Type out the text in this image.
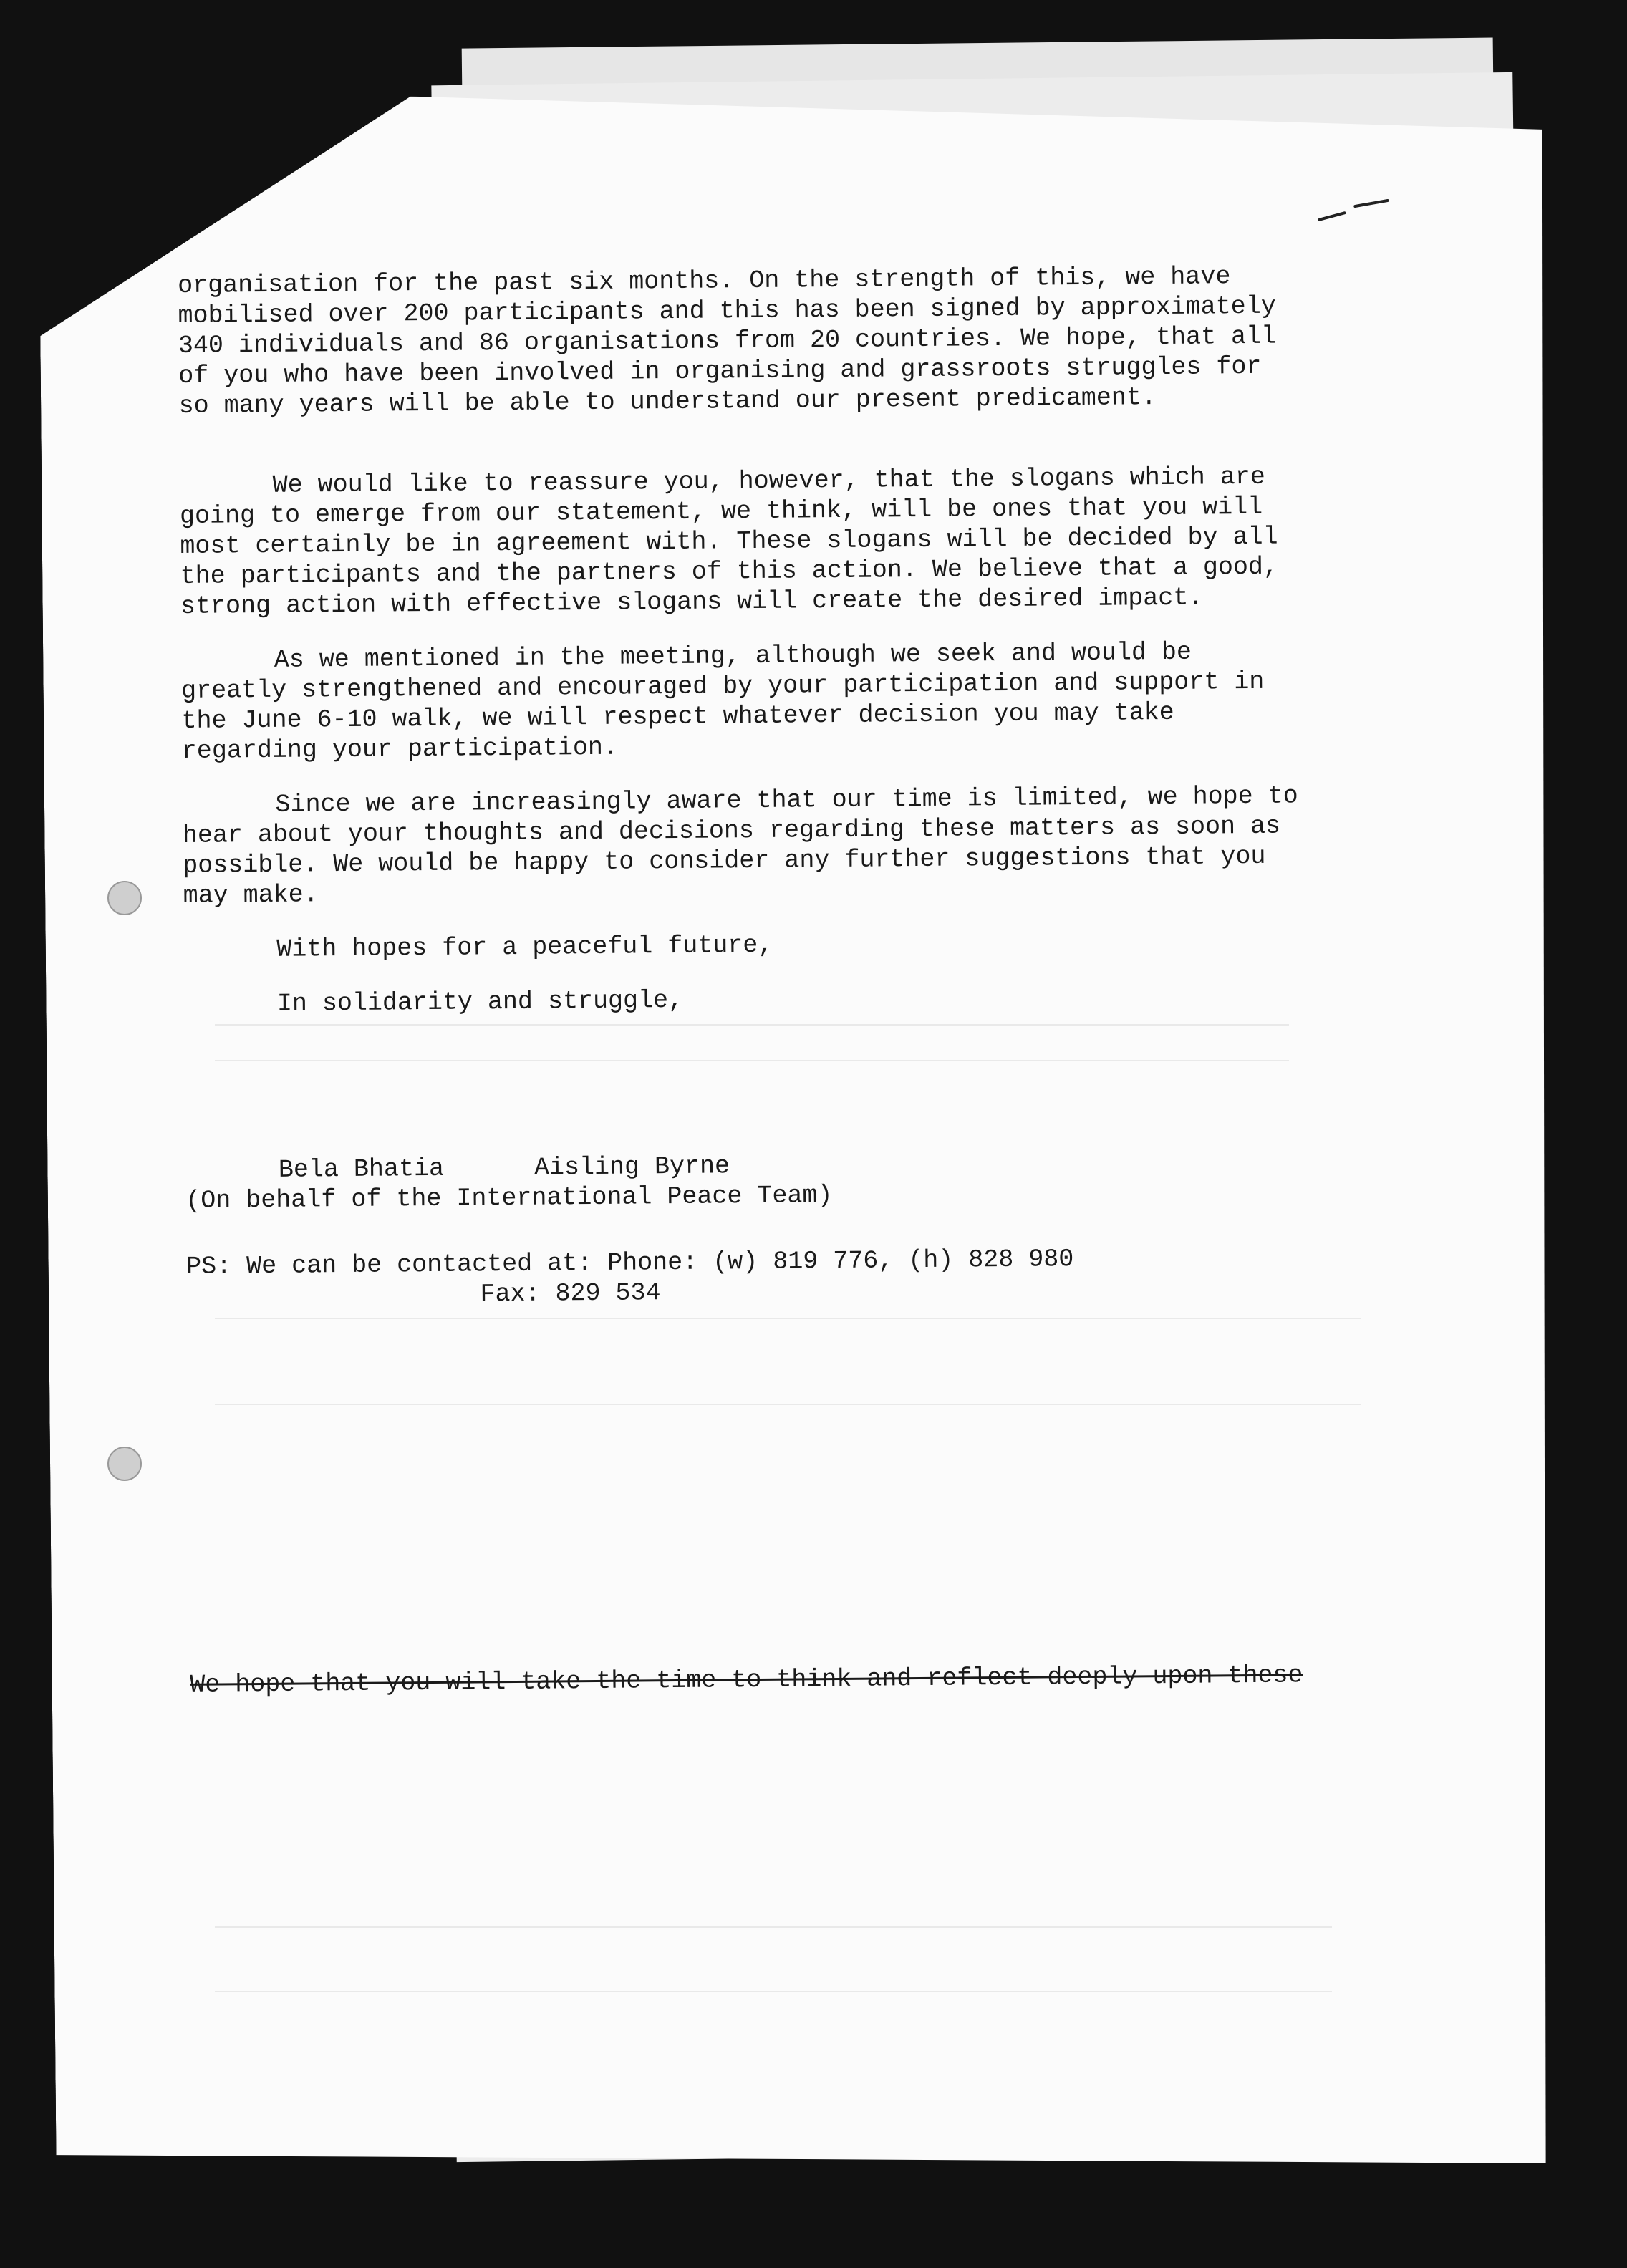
organisation for the past six months. On the strength of this, we have mobilised over 200 participants and this has been signed by approximately 340 individuals and 86 organisations from 20 countries. We hope, that all of you who have been involved in organising and grassroots struggles for so many years will be able to understand our present predicament.

We would like to reassure you, however, that the slogans which are going to emerge from our statement, we think, will be ones that you will most certainly be in agreement with. These slogans will be decided by all the participants and the partners of this action. We believe that a good, strong action with effective slogans will create the desired impact.

As we mentioned in the meeting, although we seek and would be greatly strengthened and encouraged by your participation and support in the June 6-10 walk, we will respect whatever decision you may take regarding your participation.

Since we are increasingly aware that our time is limited, we hope to hear about your thoughts and decisions regarding these matters as soon as possible. We would be happy to consider any further suggestions that you may make.

With hopes for a peaceful future,

In solidarity and struggle,

Bela Bhatia      Aisling Byrne

(On behalf of the International Peace Team)

PS: We can be contacted at: Phone: (w) 819 776, (h) 828 980

Fax: 829 534

We hope that you will take the time to think and reflect deeply upon these
